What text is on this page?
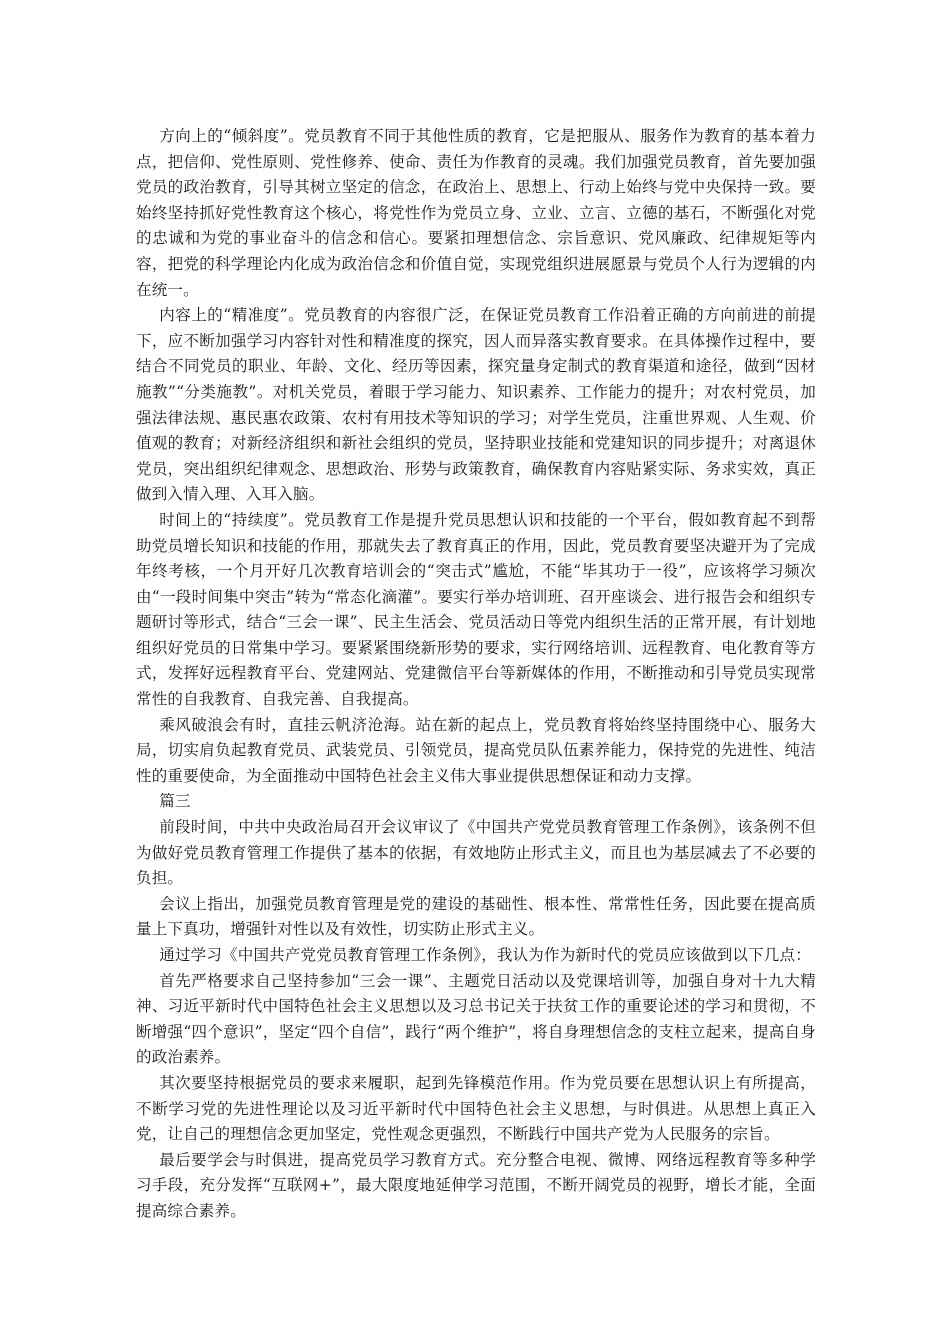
方向上的“倾斜度”。党员教育不同于其他性质的教育，它是把服从、服务作为教育的基本着力点，把信仰、党性原则、党性修养、使命、责任为作教育的灵魂。我们加强党员教育，首先要加强党员的政治教育，引导其树立坚定的信念，在政治上、思想上、行动上始终与党中央保持一致。要始终坚持抓好党性教育这个核心，将党性作为党员立身、立业、立言、立德的基石，不断强化对党的忠诚和为党的事业奋斗的信念和信心。要紧扣理想信念、宗旨意识、党风廉政、纪律规矩等内容，把党的科学理论内化成为政治信念和价值自觉，实现党组织进展愿景与党员个人行为逻辑的内在统一。

内容上的“精准度”。党员教育的内容很广泛，在保证党员教育工作沿着正确的方向前进的前提下，应不断加强学习内容针对性和精准度的探究，因人而异落实教育要求。在具体操作过程中，要结合不同党员的职业、年龄、文化、经历等因素，探究量身定制式的教育渠道和途径，做到“因材施教”“分类施教”。对机关党员，着眼于学习能力、知识素养、工作能力的提升；对农村党员，加强法律法规、惠民惠农政策、农村有用技术等知识的学习；对学生党员，注重世界观、人生观、价值观的教育；对新经济组织和新社会组织的党员，坚持职业技能和党建知识的同步提升；对离退休党员，突出组织纪律观念、思想政治、形势与政策教育，确保教育内容贴紧实际、务求实效，真正做到入情入理、入耳入脑。

时间上的“持续度”。党员教育工作是提升党员思想认识和技能的一个平台，假如教育起不到帮助党员增长知识和技能的作用，那就失去了教育真正的作用，因此，党员教育要坚决避开为了完成年终考核，一个月开好几次教育培训会的“突击式”尴尬，不能“毕其功于一役”，应该将学习频次由“一段时间集中突击”转为“常态化滴灌”。要实行举办培训班、召开座谈会、进行报告会和组织专题研讨等形式，结合“三会一课”、民主生活会、党员活动日等党内组织生活的正常开展，有计划地组织好党员的日常集中学习。要紧紧围绕新形势的要求，实行网络培训、远程教育、电化教育等方式，发挥好远程教育平台、党建网站、党建微信平台等新媒体的作用，不断推动和引导党员实现常常性的自我教育、自我完善、自我提高。

乘风破浪会有时，直挂云帆济沧海。站在新的起点上，党员教育将始终坚持围绕中心、服务大局，切实肩负起教育党员、武装党员、引领党员，提高党员队伍素养能力，保持党的先进性、纯洁性的重要使命，为全面推动中国特色社会主义伟大事业提供思想保证和动力支撑。

篇三

前段时间，中共中央政治局召开会议审议了《中国共产党党员教育管理工作条例》，该条例不但为做好党员教育管理工作提供了基本的依据，有效地防止形式主义，而且也为基层减去了不必要的负担。

会议上指出，加强党员教育管理是党的建设的基础性、根本性、常常性任务，因此要在提高质量上下真功，增强针对性以及有效性，切实防止形式主义。

通过学习《中国共产党党员教育管理工作条例》，我认为作为新时代的党员应该做到以下几点：

首先严格要求自己坚持参加“三会一课”、主题党日活动以及党课培训等，加强自身对十九大精神、习近平新时代中国特色社会主义思想以及习总书记关于扶贫工作的重要论述的学习和贯彻，不断增强“四个意识”，坚定“四个自信”，践行“两个维护”，将自身理想信念的支柱立起来，提高自身的政治素养。

其次要坚持根据党员的要求来履职，起到先锋模范作用。作为党员要在思想认识上有所提高，不断学习党的先进性理论以及习近平新时代中国特色社会主义思想，与时俱进。从思想上真正入党，让自己的理想信念更加坚定，党性观念更强烈，不断践行中国共产党为人民服务的宗旨。

最后要学会与时俱进，提高党员学习教育方式。充分整合电视、微博、网络远程教育等多种学习手段，充分发挥“互联网+”，最大限度地延伸学习范围，不断开阔党员的视野，增长才能，全面提高综合素养。
